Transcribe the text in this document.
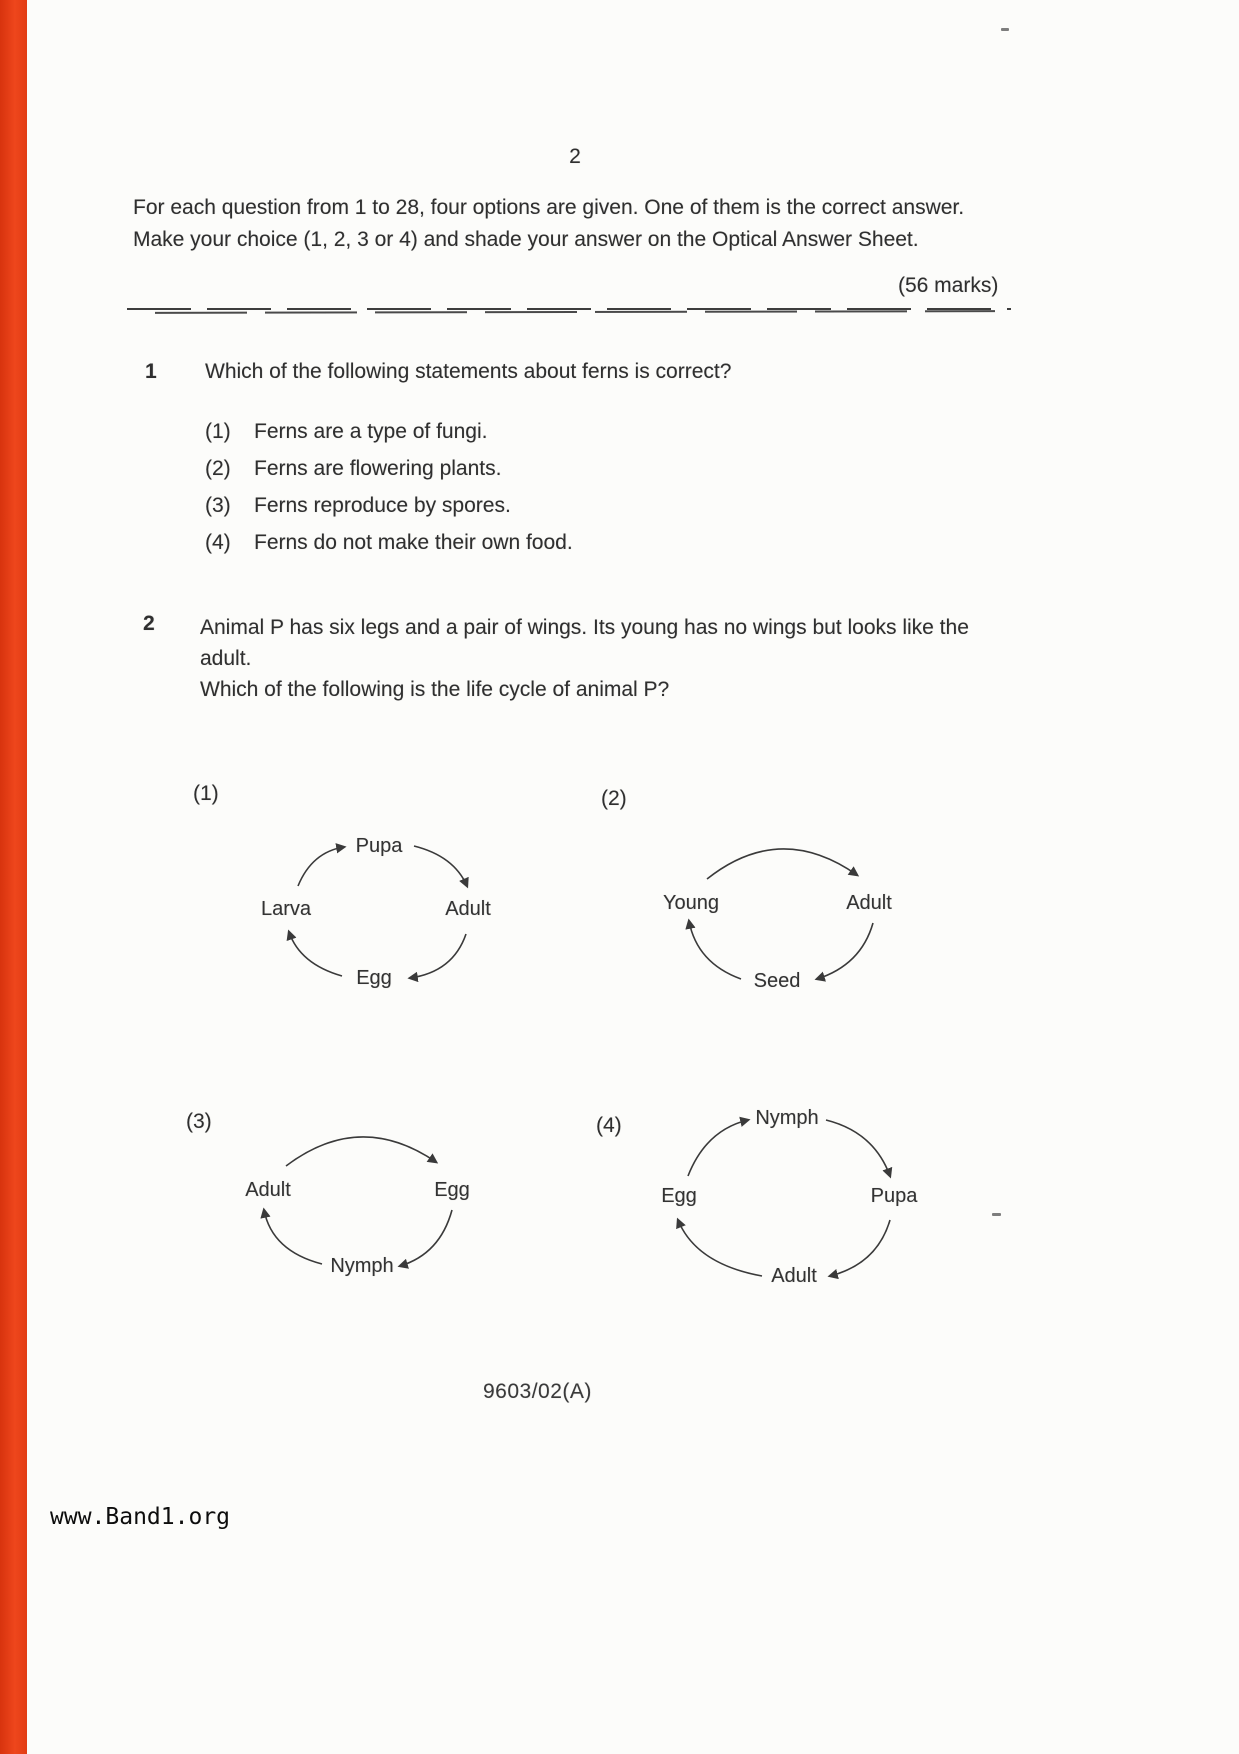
2
For each question from 1 to 28, four options are given. One of them is the correct answer.
Make your choice (1, 2, 3 or 4) and shade your answer on the Optical Answer Sheet.
(56 marks)
1 Which of the following statements about ferns is correct?
(1) Ferns are a type of fungi.
(2) Ferns are flowering plants.
(3) Ferns reproduce by spores.
(4) Ferns do not make their own food.
2 Animal P has six legs and a pair of wings. Its young has no wings but looks like the adult.
Which of the following is the life cycle of animal P?
(1)
Pupa
Adult
Egg
Larva
(2)
Young	Adult
Seed
(3)
Adult	Egg
Nymph
(4)	Nymph
Pupa
Adult
Egg
9603/02(A)
www.Band1.org
